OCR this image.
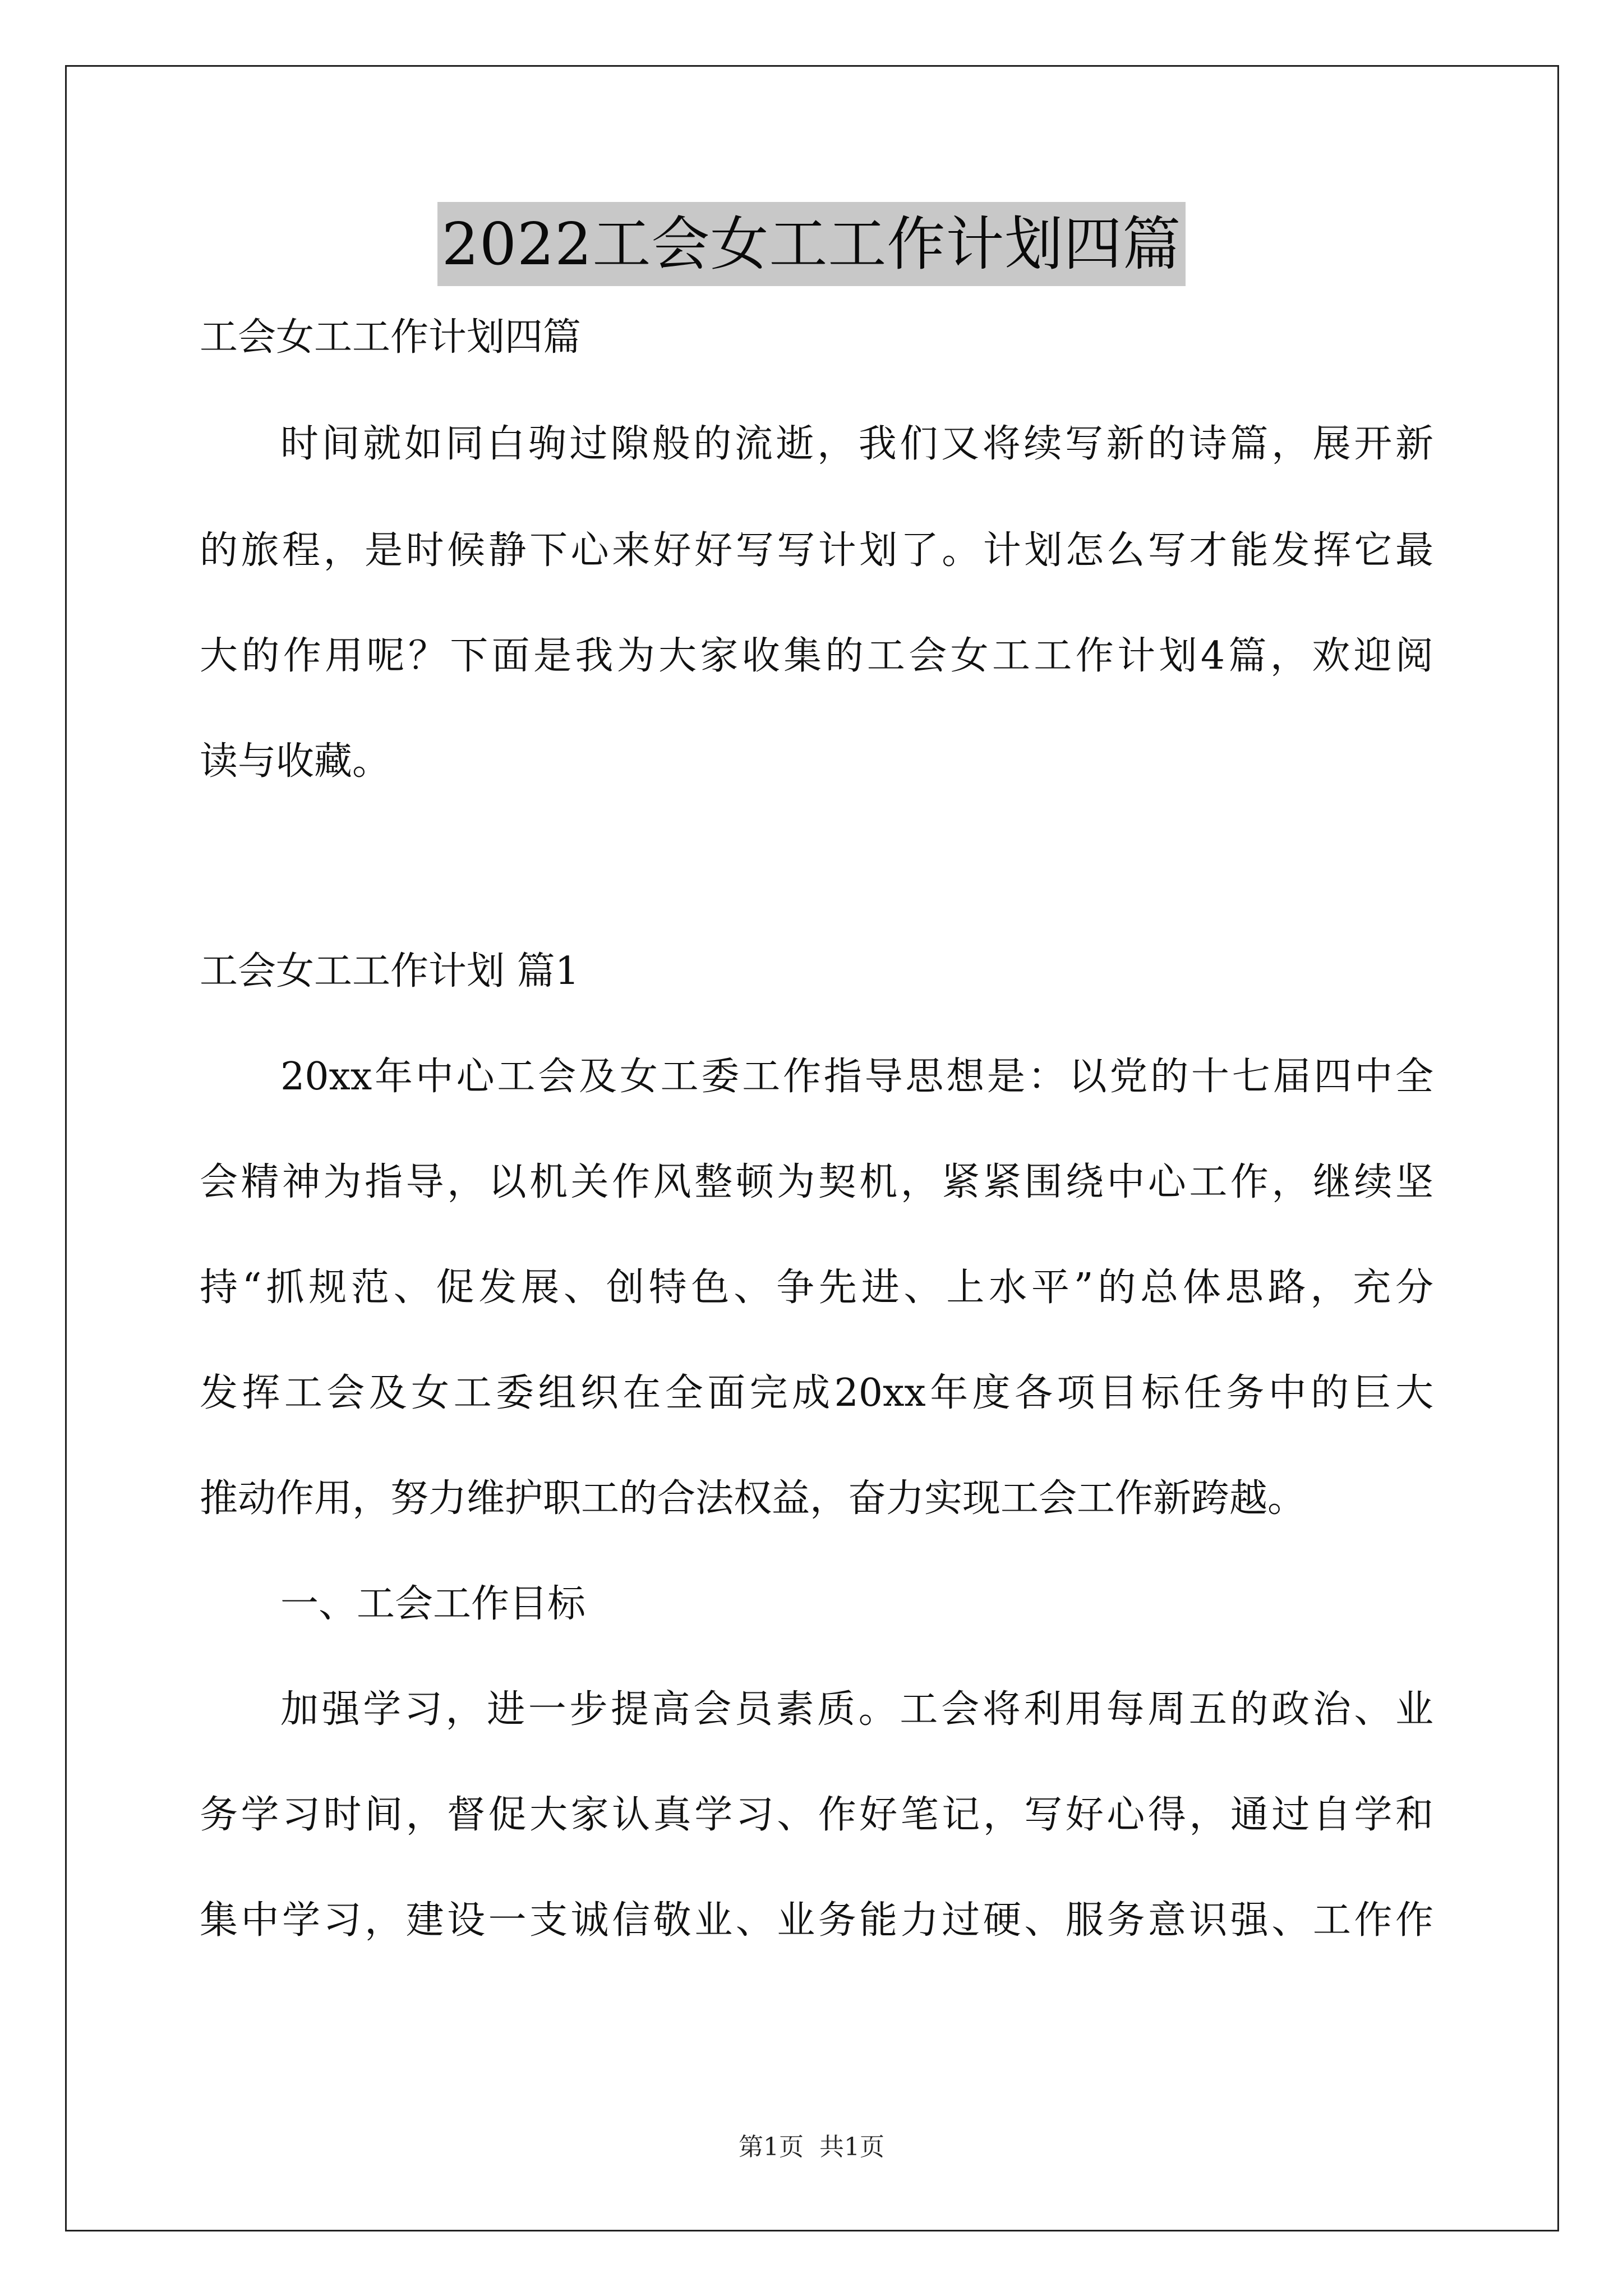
2022工会女工工作计划四篇

工会女工工作计划四篇

时间就如同白驹过隙般的流逝，我们又将续写新的诗篇，展开新

的旅程，是时候静下心来好好写写计划了。计划怎么写才能发挥它最

大的作用呢？下面是我为大家收集的工会女工工作计划4篇，欢迎阅

读与收藏。

工会女工工作计划 篇1

20xx年中心工会及女工委工作指导思想是：以党的十七届四中全

会精神为指导，以机关作风整顿为契机，紧紧围绕中心工作，继续坚

持“抓规范、促发展、创特色、争先进、上水平”的总体思路，充分

发挥工会及女工委组织在全面完成20xx年度各项目标任务中的巨大

推动作用，努力维护职工的合法权益，奋力实现工会工作新跨越。

一、工会工作目标

加强学习，进一步提高会员素质。工会将利用每周五的政治、业

务学习时间，督促大家认真学习、作好笔记，写好心得，通过自学和

集中学习，建设一支诚信敬业、业务能力过硬、服务意识强、工作作

第1页 共1页
